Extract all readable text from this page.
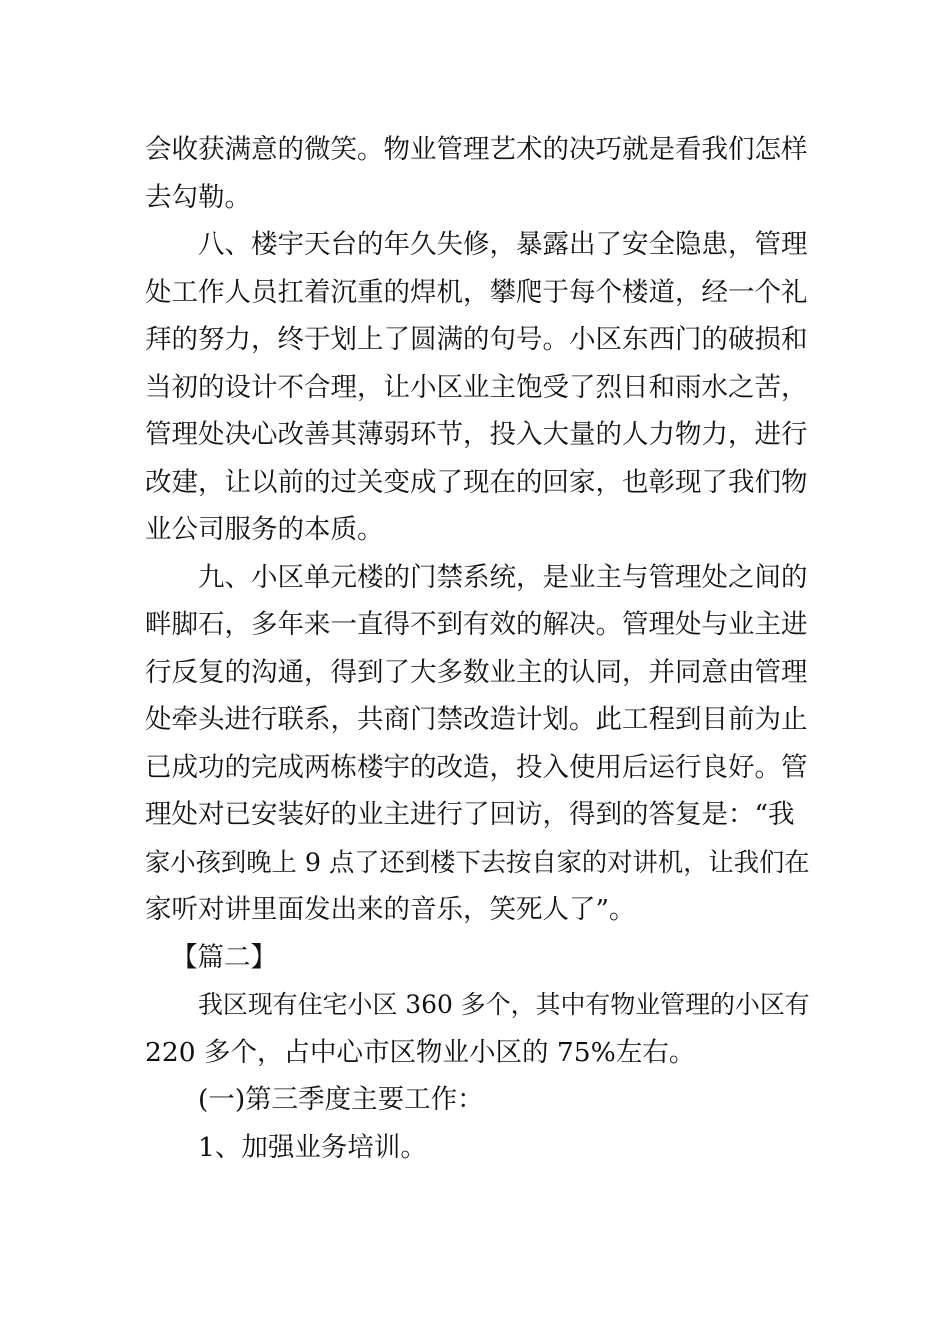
会收获满意的微笑。物业管理艺术的决巧就是看我们怎样
去勾勒。
八、楼宇天台的年久失修，暴露出了安全隐患，管理
处工作人员扛着沉重的焊机，攀爬于每个楼道，经一个礼
拜的努力，终于划上了圆满的句号。小区东西门的破损和
当初的设计不合理，让小区业主饱受了烈日和雨水之苦，
管理处决心改善其薄弱环节，投入大量的人力物力，进行
改建，让以前的过关变成了现在的回家，也彰现了我们物
业公司服务的本质。
九、小区单元楼的门禁系统，是业主与管理处之间的
畔脚石，多年来一直得不到有效的解决。管理处与业主进
行反复的沟通，得到了大多数业主的认同，并同意由管理
处牵头进行联系，共商门禁改造计划。此工程到目前为止
已成功的完成两栋楼宇的改造，投入使用后运行良好。管
理处对已安装好的业主进行了回访，得到的答复是：“我
家小孩到晚上 9 点了还到楼下去按自家的对讲机，让我们在
家听对讲里面发出来的音乐，笑死人了”。
【篇二】
我区现有住宅小区 360 多个，其中有物业管理的小区有
220 多个，占中心市区物业小区的 75%左右。
(一)第三季度主要工作：
1、加强业务培训。
